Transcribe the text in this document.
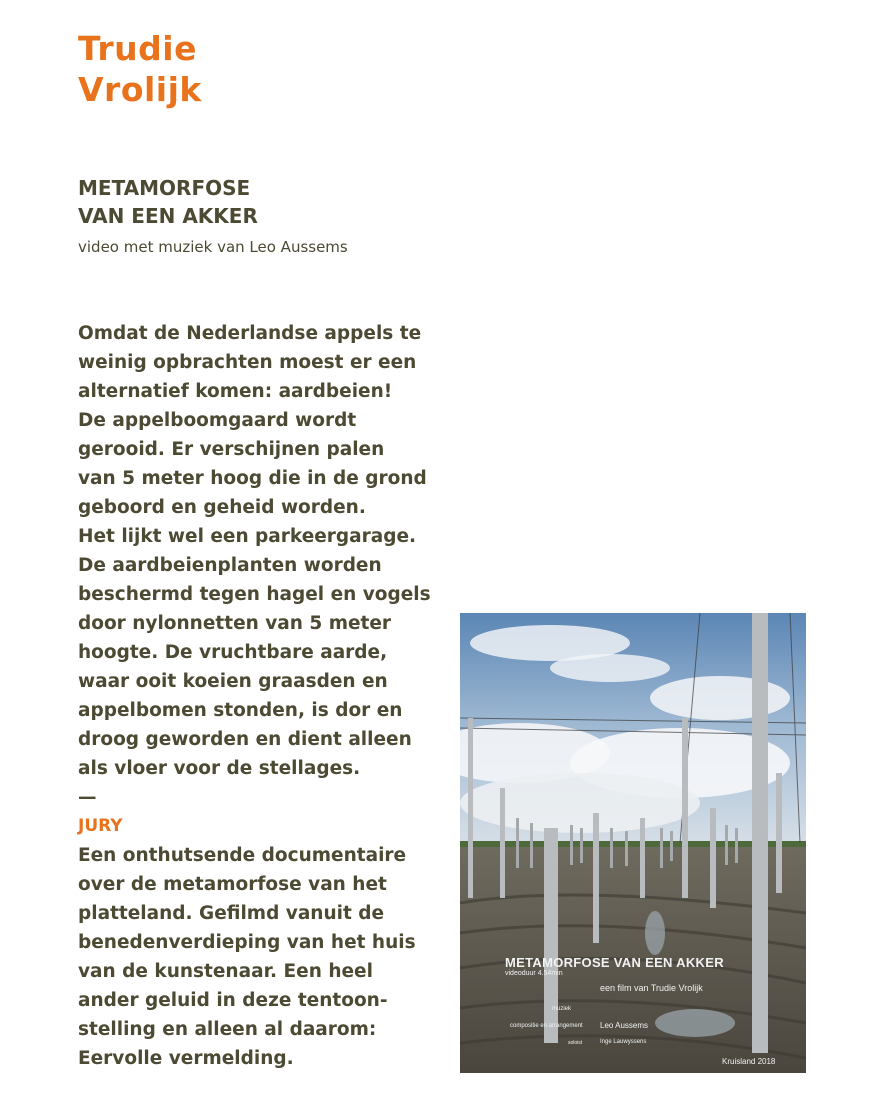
Trudie
Vrolijk
METAMORFOSE
VAN EEN AKKER
video met muziek van Leo Aussems
Omdat de Nederlandse appels te
weinig opbrachten moest er een
alternatief komen: aardbeien!
De appelboomgaard wordt
gerooid. Er verschijnen palen
van 5 meter hoog die in de grond
geboord en geheid worden.
Het lijkt wel een parkeergarage.
De aardbeienplanten worden
beschermd tegen hagel en vogels
door nylonnetten van 5 meter
hoogte. De vruchtbare aarde,
waar ooit koeien graasden en
appelbomen stonden, is dor en
droog geworden en dient alleen
als vloer voor de stellages.
—
JURY
Een onthutsende documentaire
over de metamorfose van het
platteland. Gefilmd vanuit de
benedenverdieping van het huis
van de kunstenaar. Een heel
ander geluid in deze tentoon-
stelling en alleen al daarom:
Eervolle vermelding.
METAMORFOSE VAN EEN AKKER
videoduur 4.54min
een film van Trudie Vrolijk
muziek
compositie en arrangement Leo Aussems
soloist	Inge Lauwyssens
Kruisland 2018
